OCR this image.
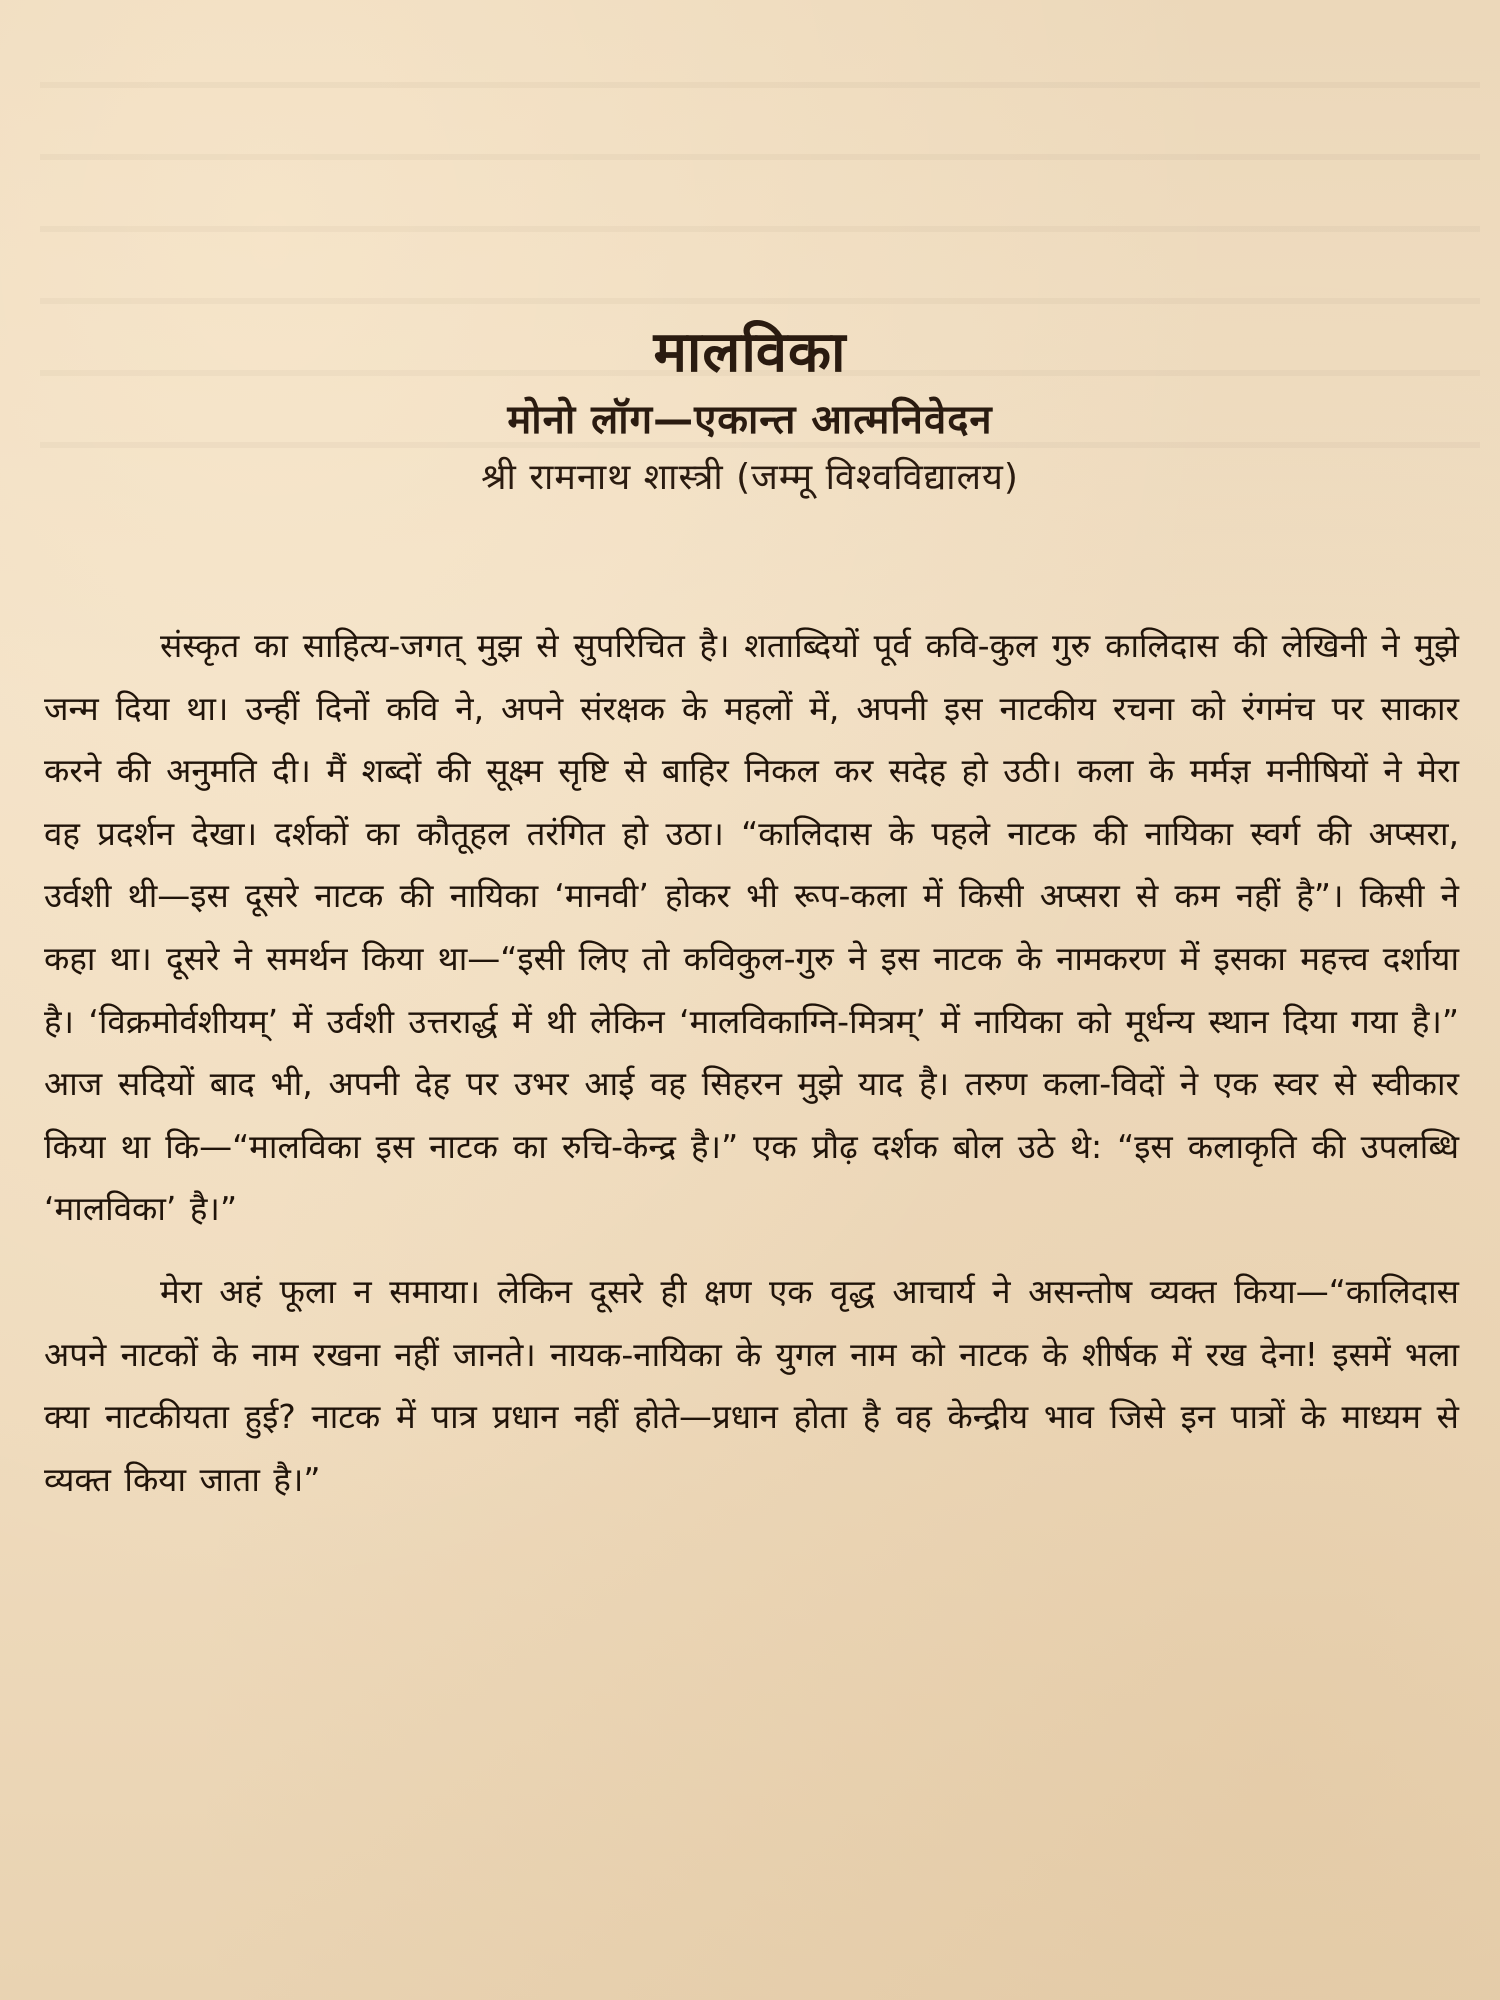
मालविका
मोनो लॉग—एकान्त आत्मनिवेदन
श्री रामनाथ शास्त्री (जम्मू विश्वविद्यालय)

संस्कृत का साहित्य-जगत् मुझ से सुपरिचित है। शताब्दियों पूर्व कवि-कुल गुरु कालिदास की लेखिनी ने मुझे जन्म दिया था। उन्हीं दिनों कवि ने, अपने संरक्षक के महलों में, अपनी इस नाटकीय रचना को रंगमंच पर साकार करने की अनुमति दी। मैं शब्दों की सूक्ष्म सृष्टि से बाहिर निकल कर सदेह हो उठी। कला के मर्मज्ञ मनीषियों ने मेरा वह प्रदर्शन देखा। दर्शकों का कौतूहल तरंगित हो उठा। “कालिदास के पहले नाटक की नायिका स्वर्ग की अप्सरा, उर्वशी थी—इस दूसरे नाटक की नायिका ‘मानवी’ होकर भी रूप-कला में किसी अप्सरा से कम नहीं है”। किसी ने कहा था। दूसरे ने समर्थन किया था—“इसी लिए तो कविकुल-गुरु ने इस नाटक के नामकरण में इसका महत्त्व दर्शाया है। ‘विक्रमोर्वशीयम्’ में उर्वशी उत्तरार्द्ध में थी लेकिन ‘मालविकाग्नि-मित्रम्’ में नायिका को मूर्धन्य स्थान दिया गया है।” आज सदियों बाद भी, अपनी देह पर उभर आई वह सिहरन मुझे याद है। तरुण कला-विदों ने एक स्वर से स्वीकार किया था कि—“मालविका इस नाटक का रुचि-केन्द्र है।” एक प्रौढ़ दर्शक बोल उठे थे: “इस कलाकृति की उपलब्धि ‘मालविका’ है।”

मेरा अहं फूला न समाया। लेकिन दूसरे ही क्षण एक वृद्ध आचार्य ने असन्तोष व्यक्त किया—“कालिदास अपने नाटकों के नाम रखना नहीं जानते। नायक-नायिका के युगल नाम को नाटक के शीर्षक में रख देना! इसमें भला क्या नाटकीयता हुई? नाटक में पात्र प्रधान नहीं होते—प्रधान होता है वह केन्द्रीय भाव जिसे इन पात्रों के माध्यम से व्यक्त किया जाता है।”
